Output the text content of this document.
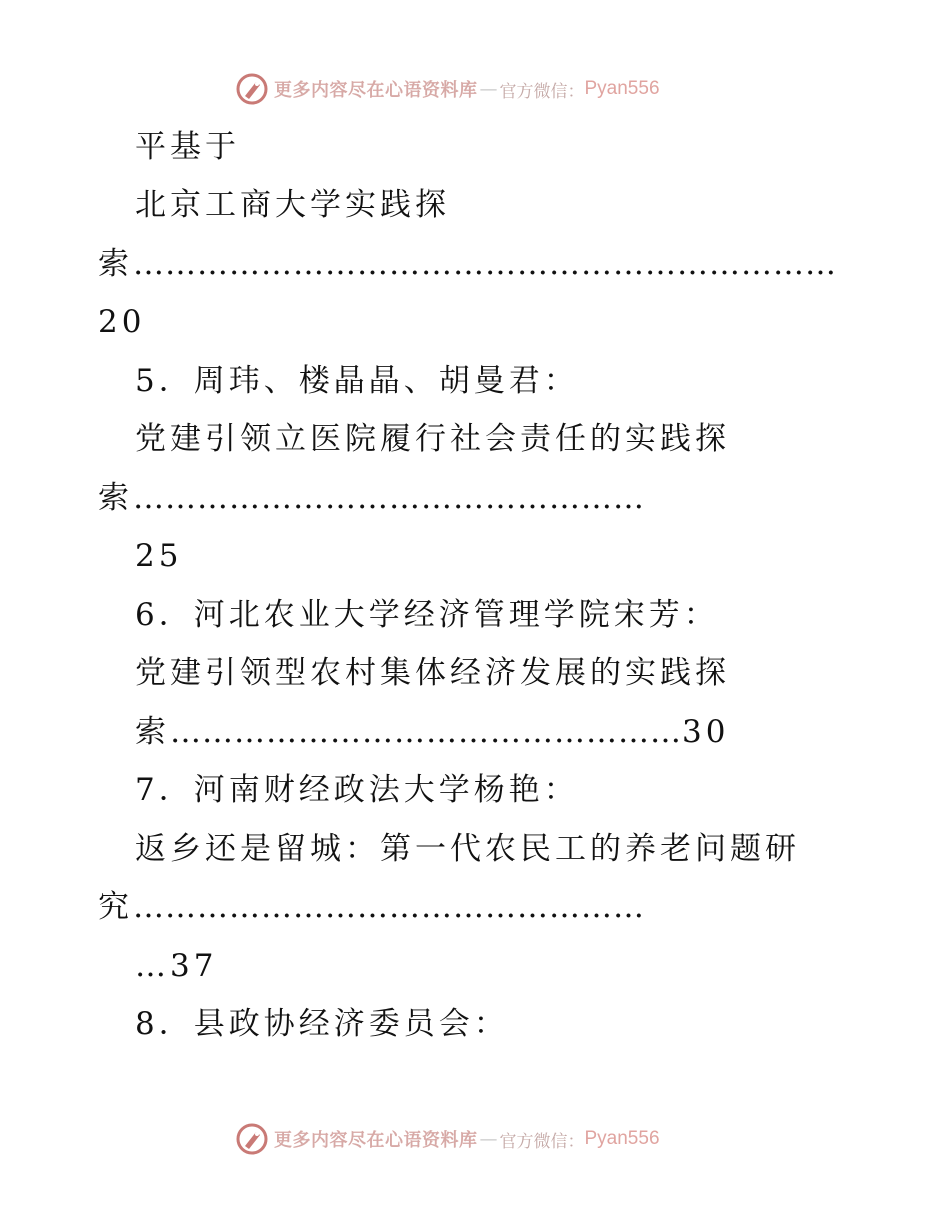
更多内容尽在心语资料库 — 官方微信： Pyan556
平基于
北京工商大学实践探
索…………………………………………………………
20
5．周玮、楼晶晶、胡曼君：
党建引领立医院履行社会责任的实践探
索…………………………………………
25
6．河北农业大学经济管理学院宋芳：
党建引领型农村集体经济发展的实践探
索…………………………………………30
7．河南财经政法大学杨艳：
返乡还是留城：第一代农民工的养老问题研
究…………………………………………
…37
8．县政协经济委员会：
更多内容尽在心语资料库 — 官方微信： Pyan556
